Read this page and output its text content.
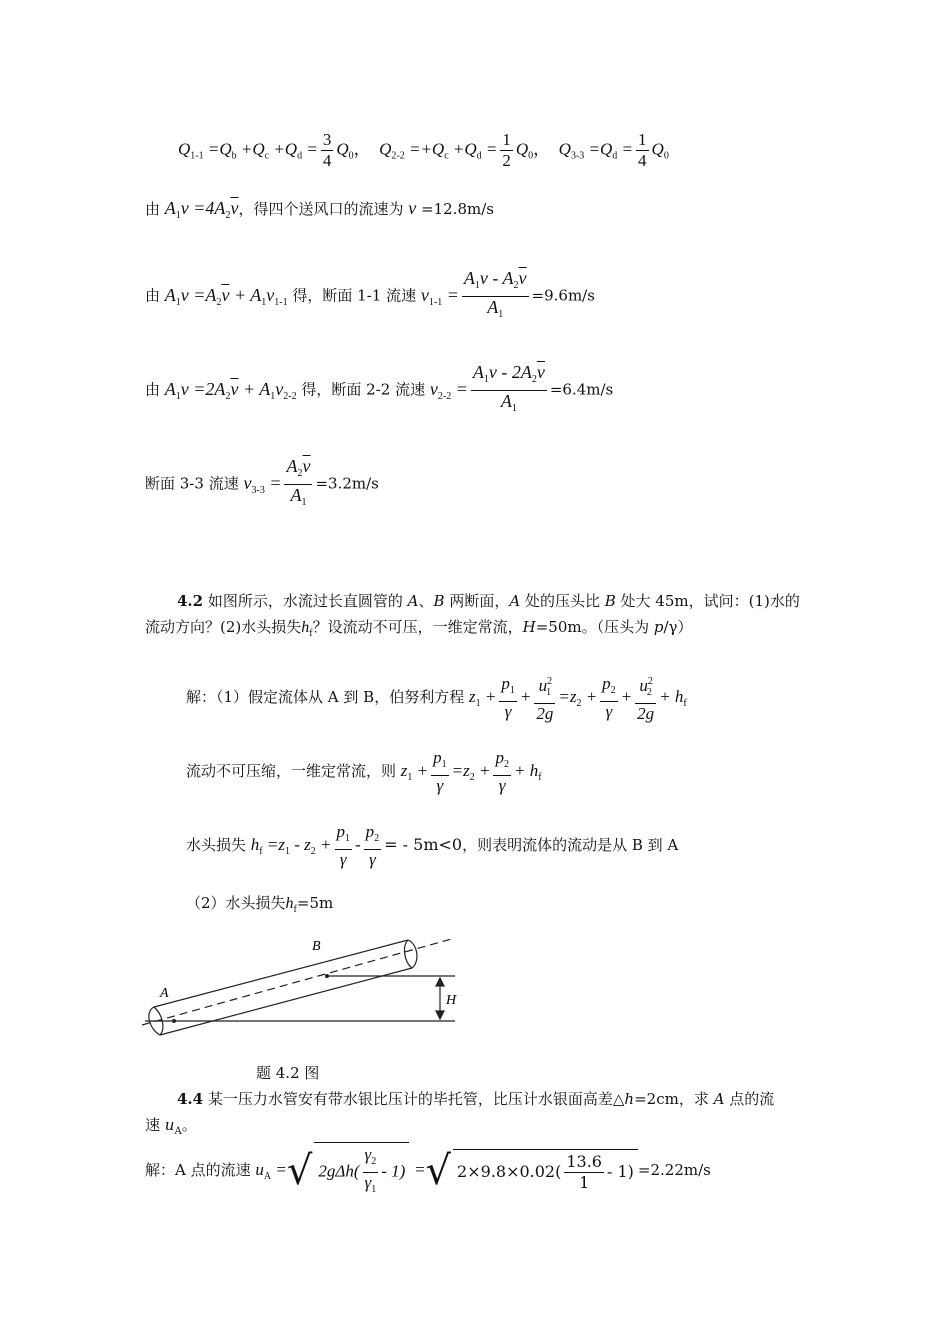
$Q_{1-1} =Q_b +Q_c +Q_d = \frac{3}{4} Q_0$，  $Q_{2-2} =+Q_c +Q_d = \frac{1}{2} Q_0$，  $Q_{3-3} =Q_d = \frac{1}{4} Q_0$
由 $A_1v =4A_2\overline{v}$，得四个送风口的流速为 v =12.8m/s
由 $A_1v =A_2\overline{v} + A_1v_{1-1}$ 得，断面 1-1 流速 $v_{1-1} = \frac{A_1v - A_2\overline{v}}{A_1} =9.6m/s$
由 $A_1v =2A_2\overline{v} + A_1v_{2-2}$ 得，断面 2-2 流速 $v_{2-2} = \frac{A_1v - 2A_2\overline{v}}{A_1} =6.4m/s$
断面 3-3 流速 $v_{3-3} = \frac{A_2\overline{v}}{A_1} =3.2m/s$
4.2 如图所示，水流过长直圆管的 A、B 两断面，A 处的压头比 B 处大 45m，试问：(1)水的
流动方向？(2)水头损失$h_f$？设流动不可压，一维定常流，H=50m。（压头为 p/γ）
解：（1）假定流体从 A 到 B，伯努利方程 $z_1 + \frac{p_1}{\gamma} + \frac{u^2_1}{2g} =z_2 + \frac{p_2}{\gamma} + \frac{u^2_2}{2g} + h_f$
流动不可压缩，一维定常流，则 $z_1 + \frac{p_1}{\gamma} =z_2 + \frac{p_2}{\gamma} + h_f$
水头损失 $h_f =z_1 - z_2 + \frac{p_1}{\gamma} - \frac{p_2}{\gamma}$ = - 5m<0，则表明流体的流动是从 B 到 A
（2）水头损失$h_f=5m$
A
B
H
题 4.2 图
4.4 某一压力水管安有带水银比压计的毕托管，比压计水银面高差△h=2cm，求 A 点的流
速 $u_A$。
解：A 点的流速 $u_A$ =√ $2g\Delta h( \frac{\gamma_2}{\gamma_1} - 1)$ =√ $2\times 9.8\times 0.02( \frac{13.6}{1} - 1) =2.22m/s$
